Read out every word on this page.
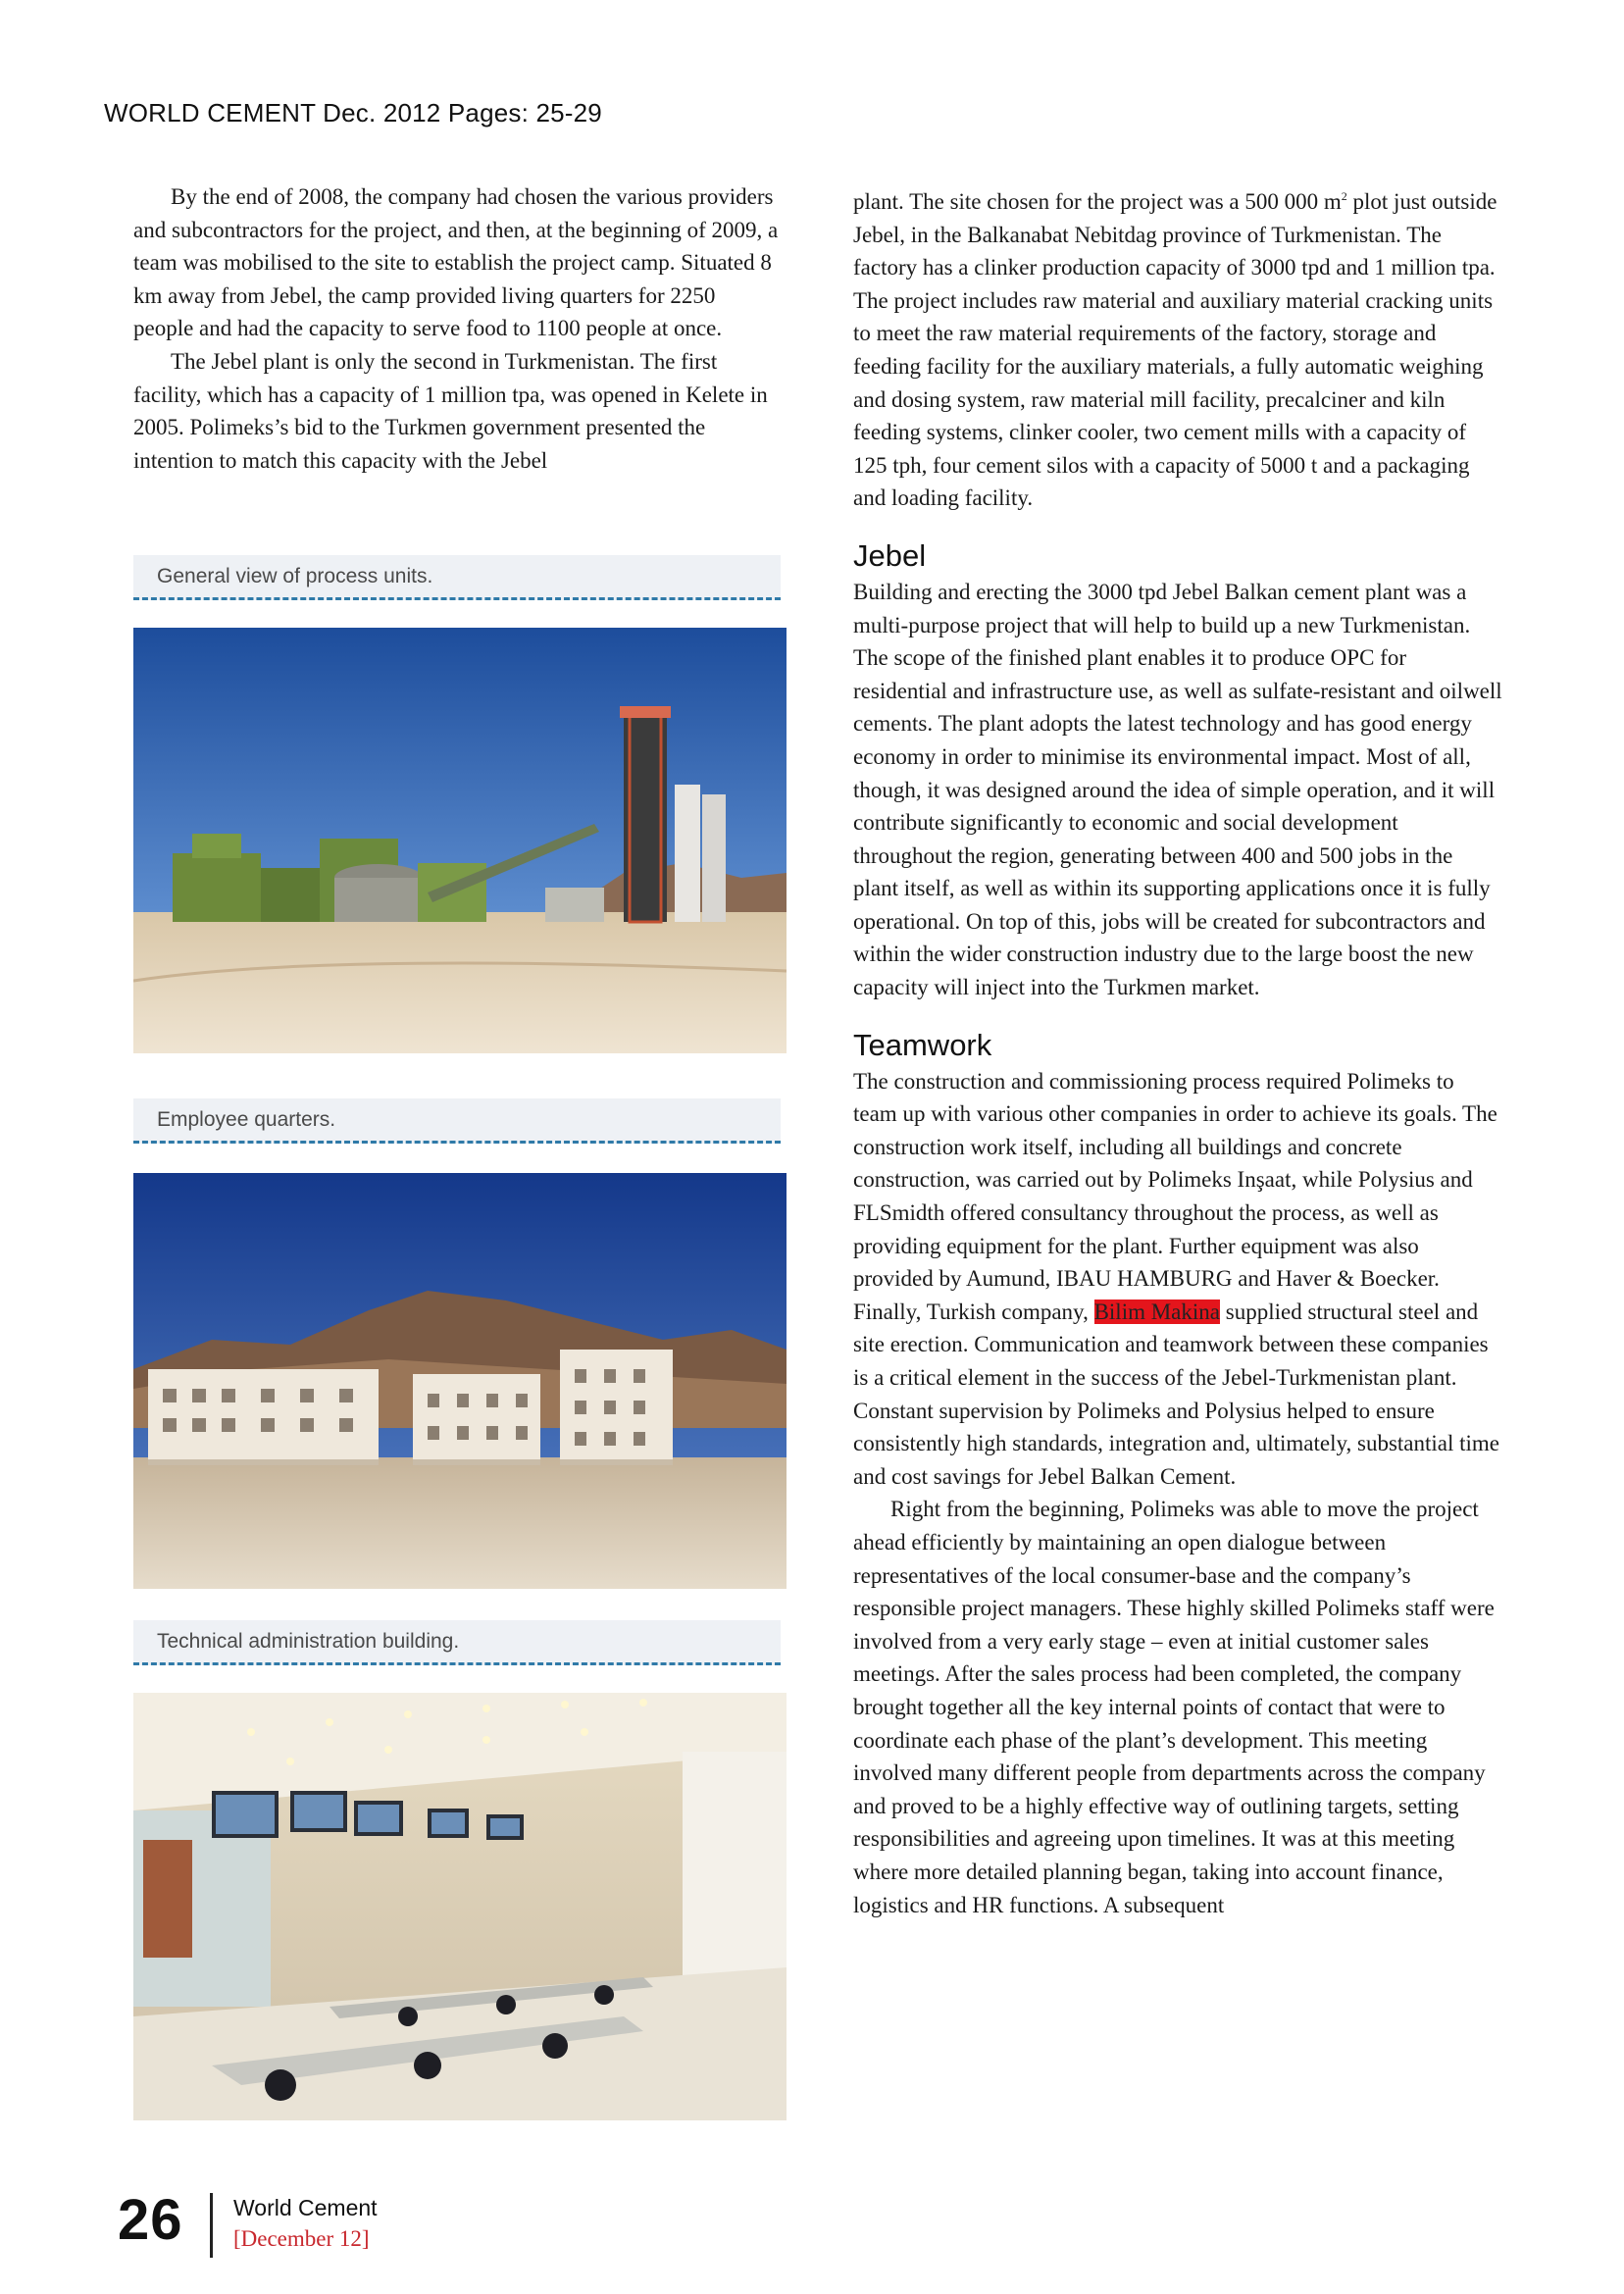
WORLD CEMENT Dec. 2012 Pages: 25-29

By the end of 2008, the company had chosen the various providers and subcontractors for the project, and then, at the beginning of 2009, a team was mobilised to the site to establish the project camp. Situated 8 km away from Jebel, the camp provided living quarters for 2250 people and had the capacity to serve food to 1100 people at once.

The Jebel plant is only the second in Turkmenistan. The first facility, which has a capacity of 1 million tpa, was opened in Kelete in 2005. Polimeks’s bid to the Turkmen government presented the intention to match this capacity with the Jebel

General view of process units.
Employee quarters.
Technical administration building.

plant. The site chosen for the project was a 500 000 $m^2$ plot just outside Jebel, in the Balkanabat Nebitdag province of Turkmenistan. The factory has a clinker production capacity of 3000 tpd and 1 million tpa. The project includes raw material and auxiliary material cracking units to meet the raw material requirements of the factory, storage and feeding facility for the auxiliary materials, a fully automatic weighing and dosing system, raw material mill facility, precalciner and kiln feeding systems, clinker cooler, two cement mills with a capacity of 125 tph, four cement silos with a capacity of 5000 t and a packaging and loading facility.

Jebel

Building and erecting the 3000 tpd Jebel Balkan cement plant was a multi-purpose project that will help to build up a new Turkmenistan. The scope of the finished plant enables it to produce OPC for residential and infrastructure use, as well as sulfate-resistant and oilwell cements. The plant adopts the latest technology and has good energy economy in order to minimise its environmental impact. Most of all, though, it was designed around the idea of simple operation, and it will contribute significantly to economic and social development throughout the region, generating between 400 and 500 jobs in the plant itself, as well as within its supporting applications once it is fully operational. On top of this, jobs will be created for subcontractors and within the wider construction industry due to the large boost the new capacity will inject into the Turkmen market.

Teamwork

The construction and commissioning process required Polimeks to team up with various other companies in order to achieve its goals. The construction work itself, including all buildings and concrete construction, was carried out by Polimeks Inşaat, while Polysius and FLSmidth offered consultancy throughout the process, as well as providing equipment for the plant. Further equipment was also provided by Aumund, IBAU HAMBURG and Haver & Boecker. Finally, Turkish company, Bilim Makina supplied structural steel and site erection. Communication and teamwork between these companies is a critical element in the success of the Jebel-Turkmenistan plant. Constant supervision by Polimeks and Polysius helped to ensure consistently high standards, integration and, ultimately, substantial time and cost savings for Jebel Balkan Cement.

Right from the beginning, Polimeks was able to move the project ahead efficiently by maintaining an open dialogue between representatives of the local consumer-base and the company’s responsible project managers. These highly skilled Polimeks staff were involved from a very early stage – even at initial customer sales meetings. After the sales process had been completed, the company brought together all the key internal points of contact that were to coordinate each phase of the plant’s development. This meeting involved many different people from departments across the company and proved to be a highly effective way of outlining targets, setting responsibilities and agreeing upon timelines. It was at this meeting where more detailed planning began, taking into account finance, logistics and HR functions. A subsequent

26 World Cement
[December 12]
